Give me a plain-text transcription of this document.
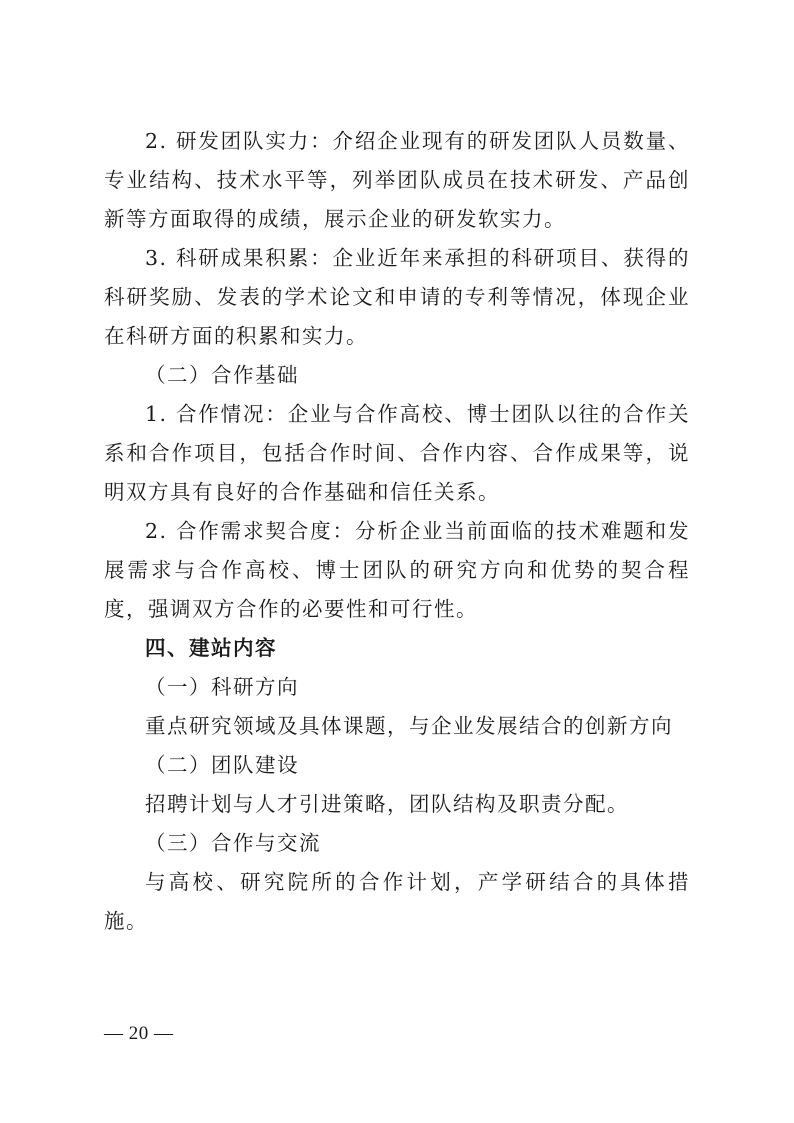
2. 研发团队实力：介绍企业现有的研发团队人员数量、专业结构、技术水平等，列举团队成员在技术研发、产品创新等方面取得的成绩，展示企业的研发软实力。

3. 科研成果积累：企业近年来承担的科研项目、获得的科研奖励、发表的学术论文和申请的专利等情况，体现企业在科研方面的积累和实力。

（二）合作基础

1. 合作情况：企业与合作高校、博士团队以往的合作关系和合作项目，包括合作时间、合作内容、合作成果等，说明双方具有良好的合作基础和信任关系。

2. 合作需求契合度：分析企业当前面临的技术难题和发展需求与合作高校、博士团队的研究方向和优势的契合程度，强调双方合作的必要性和可行性。

四、建站内容

（一）科研方向

重点研究领域及具体课题，与企业发展结合的创新方向

（二）团队建设

招聘计划与人才引进策略，团队结构及职责分配。

（三）合作与交流

与高校、研究院所的合作计划，产学研结合的具体措施。

— 20 —
